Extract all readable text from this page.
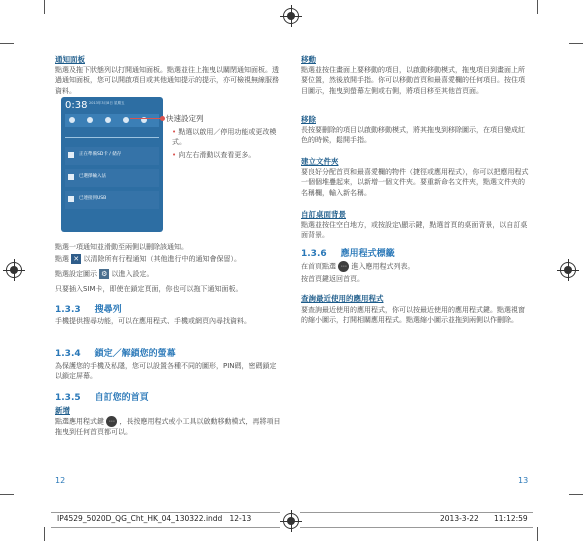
通知面板

點選及拖下狀態列以打開通知面板。點選並往上拖曳以關閉通知面板。透過通知面板，您可以開啟項目或其他通知提示的提示，亦可檢視無線服務資料。

0:38 2013年3月8日 星期五
正在準備SD卡 / 储存
已選擇輸入法
已連接到USB
快速設定列
• 點選以啟用／停用功能或更改模式。
• 向左右滑動以查看更多。

點選一項通知並滑動至兩側以刪除該通知。

點選 ✕ 以清除所有行程通知（其他進行中的通知會保留）。

點選設定圖示 ⚙ 以進入設定。

只要插入SIM卡，即使在鎖定頁面，你也可以拖下通知面板。

1.3.3 搜尋列

手機提供搜尋功能，可以在應用程式、手機或網頁內尋找資料。

1.3.4 鎖定／解鎖您的螢幕

為保護您的手機及私隱，您可以設置各種不同的圖形，PIN碼，密碼鎖定以鎖定屏幕。

1.3.5 自訂您的首頁
新增

點選應用程式鍵 ⋯ ，長按應用程式或小工具以啟動移動模式，再將項目拖曳到任何首頁都可以。

12
移動

點選並按住畫面上要移動的項目，以啟動移動模式，拖曳項目到畫面上所要位置，然後放開手指。你可以移動首頁和最喜愛欄的任何項目。按住項目圖示，拖曳到螢幕左側或右側，將項目移至其他首頁面。

移除

長按要刪除的項目以啟動移動模式，將其拖曳到移除圖示，在項目變成紅色的時候，鬆開手指。

建立文件夾

要良好分配首頁和最喜愛欄的物件（捷徑或應用程式），你可以把應用程式一個個堆疊起來，以新增一個文件夾。要重新命名文件夾，點選文件夾的名稱欄，輸入新名稱。

自訂桌面背景

點選並按住空白地方，或按設定\顯示鍵，點選首頁的桌面背景，以自訂桌面背景。

1.3.6 應用程式標籤

在首頁點選 ⋯ 進入應用程式列表。

按首頁鍵返回首頁。

查詢最近使用的應用程式

要查詢最近使用的應用程式，你可以按最近使用的應用程式鍵。點選視窗的縮小圖示，打開相關應用程式。點選縮小圖示並拖到兩側以作刪除。

13
IP4529_5020D_QG_Cht_HK_04_130322.indd   12-13	2013-3-22 11:12:59
